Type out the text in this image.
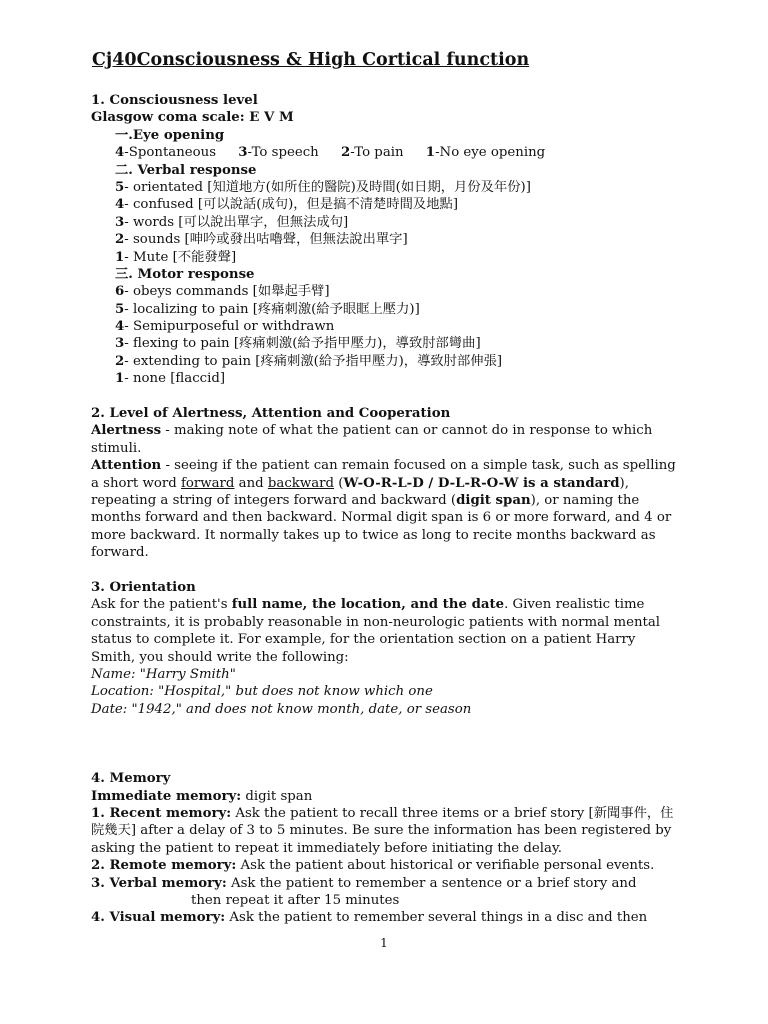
Cj40Consciousness & High Cortical function
1. Consciousness level
Glasgow coma scale: E V M
一.Eye opening
4-Spontaneous 3-To speech 2-To pain 1-No eye opening
二. Verbal response
5- orientated [知道地方(如所住的醫院)及時間(如日期，月份及年份)]
4- confused [可以說話(成句)，但是搞不清楚時間及地點]
3- words [可以說出單字，但無法成句]
2- sounds [呻吟或發出咕嚕聲，但無法說出單字]
1- Mute [不能發聲]
三. Motor response
6- obeys commands [如舉起手臂]
5- localizing to pain [疼痛刺激(給予眼眶上壓力)]
4- Semipurposeful or withdrawn
3- flexing to pain [疼痛刺激(給予指甲壓力)，導致肘部彎曲]
2- extending to pain [疼痛刺激(給予指甲壓力)，導致肘部伸張]
1- none [flaccid]
2. Level of Alertness, Attention and Cooperation
Alertness - making note of what the patient can or cannot do in response to which stimuli.
Attention - seeing if the patient can remain focused on a simple task, such as spelling a short word forward and backward (W-O-R-L-D / D-L-R-O-W is a standard), repeating a string of integers forward and backward (digit span), or naming the months forward and then backward. Normal digit span is 6 or more forward, and 4 or more backward. It normally takes up to twice as long to recite months backward as forward.
3. Orientation
Ask for the patient's full name, the location, and the date. Given realistic time constraints, it is probably reasonable in non-neurologic patients with normal mental status to complete it. For example, for the orientation section on a patient Harry Smith, you should write the following:
Name: "Harry Smith"
Location: "Hospital," but does not know which one
Date: "1942," and does not know month, date, or season
4. Memory
Immediate memory: digit span
1. Recent memory: Ask the patient to recall three items or a brief story [新聞事件，住院幾天] after a delay of 3 to 5 minutes. Be sure the information has been registered by asking the patient to repeat it immediately before initiating the delay.
2. Remote memory: Ask the patient about historical or verifiable personal events.
3. Verbal memory: Ask the patient to remember a sentence or a brief story and
then repeat it after 15 minutes
4. Visual memory: Ask the patient to remember several things in a disc and then
1
